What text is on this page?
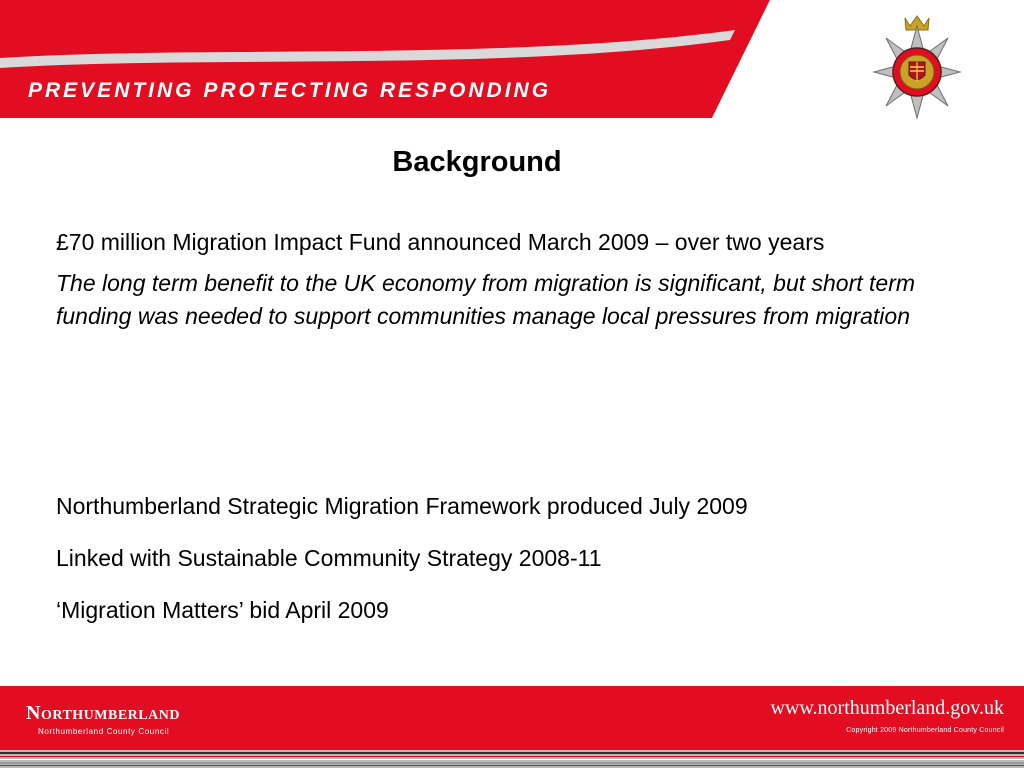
PREVENTING PROTECTING RESPONDING
Background

£70 million Migration Impact Fund announced March 2009 – over two years

The long term benefit to the UK economy from migration is significant, but short term funding was needed to support communities manage local pressures from migration

Northumberland Strategic Migration Framework produced July 2009

Linked with Sustainable Community Strategy 2008-11

‘Migration Matters’ bid April 2009

Northumberland
Northumberland County Council
www.northumberland.gov.uk
Copyright 2009 Northumberland County Council
